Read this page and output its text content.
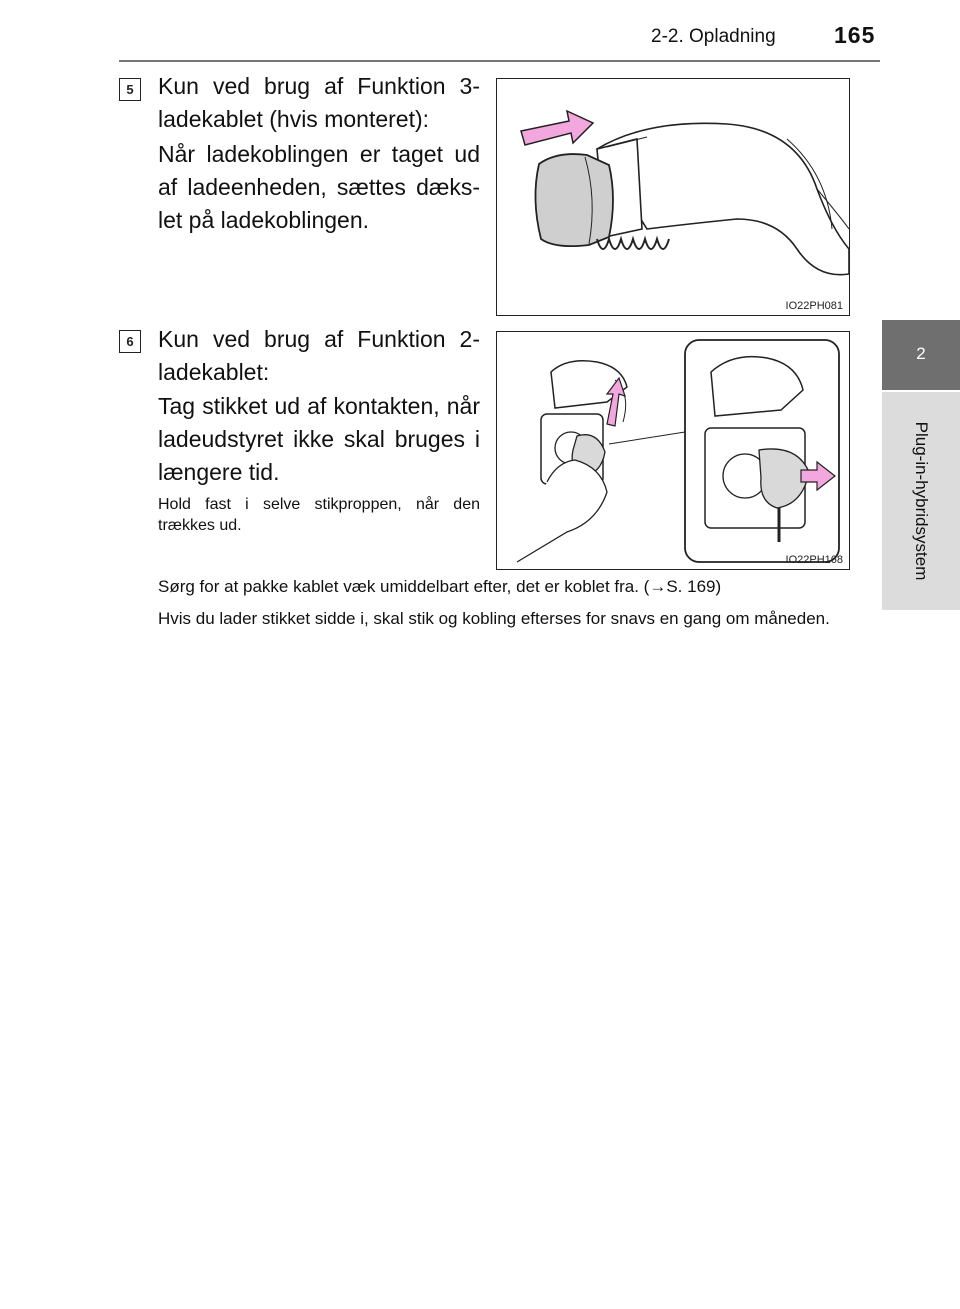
2-2. Opladning	165
2
Plug-in-hybridsystem
5	Kun ved brug af Funktion 3-ladekablet (hvis monteret):
Når ladekoblingen er taget ud af ladeenheden, sættes dæks-let på ladekoblingen.
IO22PH081
6	Kun ved brug af Funktion 2-ladekablet:
Tag stikket ud af kontakten, når ladeudstyret ikke skal bruges i længere tid.
Hold fast i selve stikproppen, når den trækkes ud.
IO22PH168
Sørg for at pakke kablet væk umiddelbart efter, det er koblet fra. (→S. 169)
Hvis du lader stikket sidde i, skal stik og kobling efterses for snavs en gang om måneden.
